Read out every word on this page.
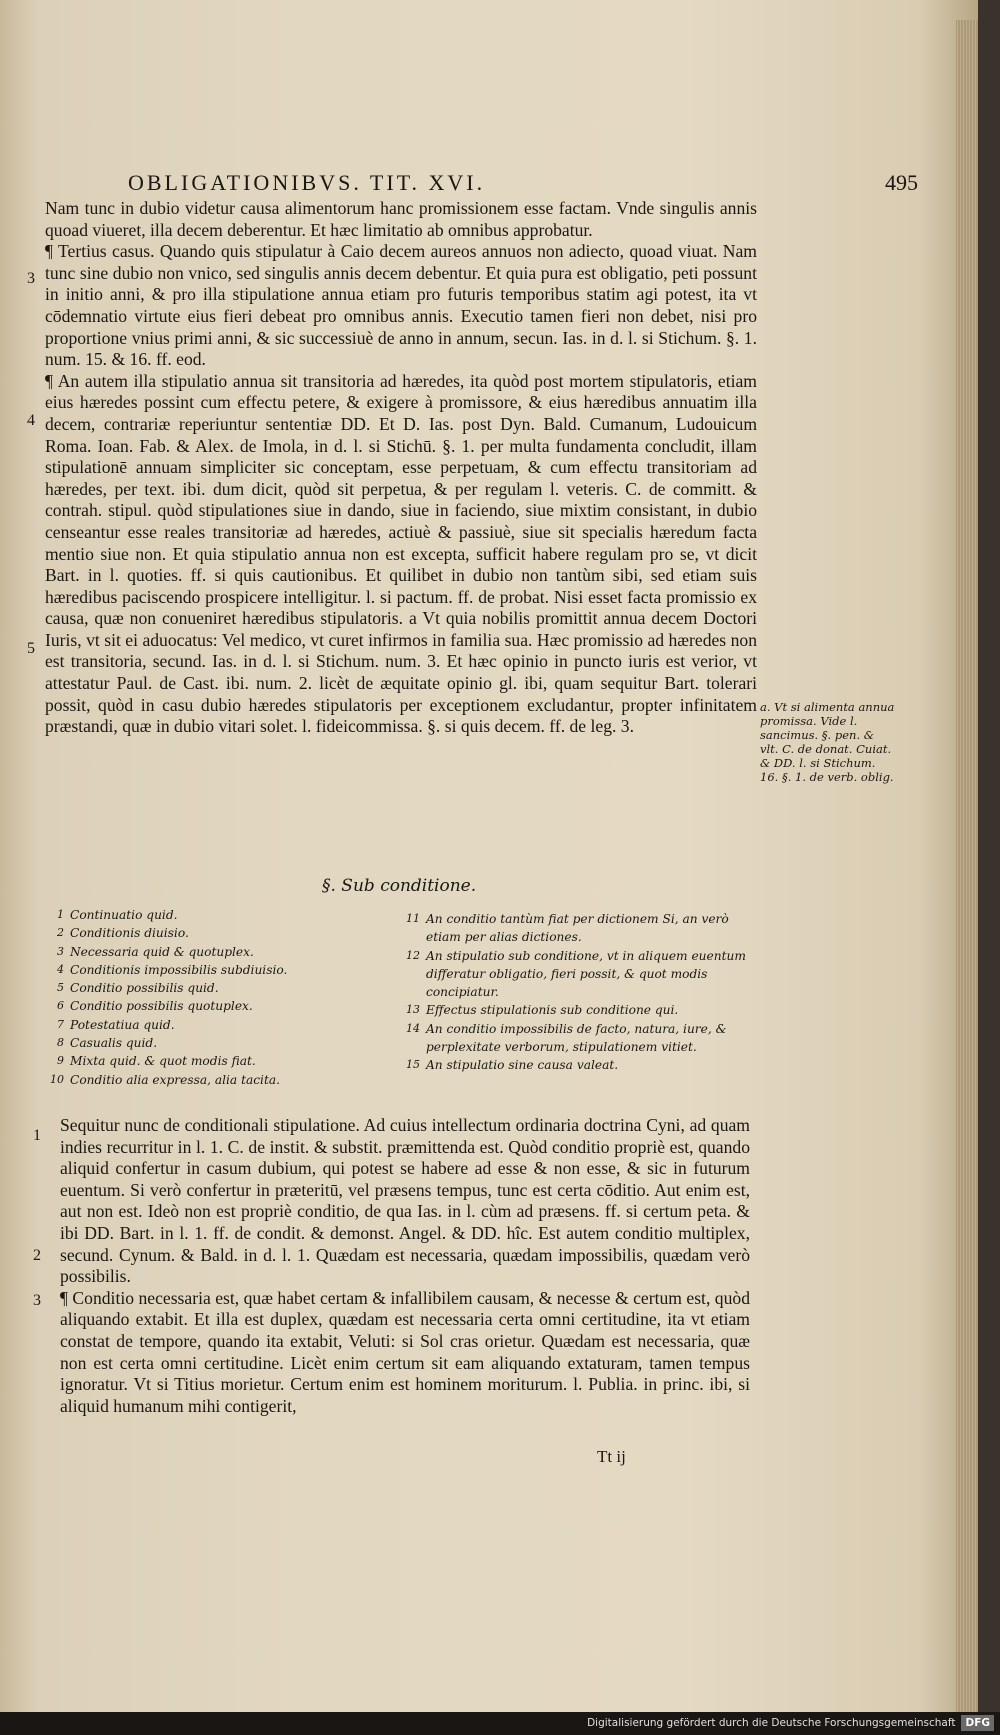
OBLIGATIONIBVS. TIT. XVI.	495
3
4
5

Nam tunc in dubio videtur causa alimentorum hanc promissionem esse factam. Vnde singulis annis quoad viueret, illa decem deberentur. Et hæc limitatio ab omnibus approbatur.

¶ Tertius casus. Quando quis stipulatur à Caio decem aureos annuos non adiecto, quoad viuat. Nam tunc sine dubio non vnico, sed singulis annis decem debentur. Et quia pura est obligatio, peti possunt in initio anni, & pro illa stipulatione annua etiam pro futuris temporibus statim agi potest, ita vt cōdemnatio virtute eius fieri debeat pro omnibus annis. Executio tamen fieri non debet, nisi pro proportione vnius primi anni, & sic successiuè de anno in annum, secun. Ias. in d. l. si Stichum. §. 1. num. 15. & 16. ff. eod.

¶ An autem illa stipulatio annua sit transitoria ad hæredes, ita quòd post mortem stipulatoris, etiam eius hæredes possint cum effectu petere, & exigere à promissore, & eius hæredibus annuatim illa decem, contrariæ reperiuntur sententiæ DD. Et D. Ias. post Dyn. Bald. Cumanum, Ludouicum Roma. Ioan. Fab. & Alex. de Imola, in d. l. si Stichū. §. 1. per multa fundamenta concludit, illam stipulationē annuam simpliciter sic conceptam, esse perpetuam, & cum effectu transitoriam ad hæredes, per text. ibi. dum dicit, quòd sit perpetua, & per regulam l. veteris. C. de committ. & contrah. stipul. quòd stipulationes siue in dando, siue in faciendo, siue mixtim consistant, in dubio censeantur esse reales transitoriæ ad hæredes, actiuè & passiuè, siue sit specialis hæredum facta mentio siue non. Et quia stipulatio annua non est excepta, sufficit habere regulam pro se, vt dicit Bart. in l. quoties. ff. si quis cautionibus. Et quilibet in dubio non tantùm sibi, sed etiam suis hæredibus paciscendo prospicere intelligitur. l. si pactum. ff. de probat. Nisi esset facta promissio ex causa, quæ non conueniret hæredibus stipulatoris. a Vt quia nobilis promittit annua decem Doctori Iuris, vt sit ei aduocatus: Vel medico, vt curet infirmos in familia sua. Hæc promissio ad hæredes non est transitoria, secund. Ias. in d. l. si Stichum. num. 3. Et hæc opinio in puncto iuris est verior, vt attestatur Paul. de Cast. ibi. num. 2. licèt de æquitate opinio gl. ibi, quam sequitur Bart. tolerari possit, quòd in casu dubio hæredes stipulatoris per exceptionem excludantur, propter infinitatem præstandi, quæ in dubio vitari solet. l. fideicommissa. §. si quis decem. ff. de leg. 3.

a. Vt si alimenta annua promissa. Vide l. sancimus. §. pen. & vlt. C. de donat. Cuiat. & DD. l. si Stichum. 16. §. 1. de verb. oblig.
§. Sub conditione.
1 Continuatio quid.
2 Conditionis diuisio.
3 Necessaria quid & quotuplex.
4 Conditionis impossibilis subdiuisio.
5 Conditio possibilis quid.
6 Conditio possibilis quotuplex.
7 Potestatiua quid.
8 Casualis quid.
9 Mixta quid. & quot modis fiat.
10 Conditio alia expressa, alia tacita.
11 An conditio tantùm fiat per dictionem Si, an verò etiam per alias dictiones.
12 An stipulatio sub conditione, vt in aliquem euentum differatur obligatio, fieri possit, & quot modis concipiatur.
13 Effectus stipulationis sub conditione qui.
14 An conditio impossibilis de facto, natura, iure, & perplexitate verborum, stipulationem vitiet.
15 An stipulatio sine causa valeat.
1
2
3

Sequitur nunc de conditionali stipulatione. Ad cuius intellectum ordinaria doctrina Cyni, ad quam indies recurritur in l. 1. C. de instit. & substit. præmittenda est. Quòd conditio propriè est, quando aliquid confertur in casum dubium, qui potest se habere ad esse & non esse, & sic in futurum euentum. Si verò confertur in præteritū, vel præsens tempus, tunc est certa cōditio. Aut enim est, aut non est. Ideò non est propriè conditio, de qua Ias. in l. cùm ad præsens. ff. si certum peta. & ibi DD. Bart. in l. 1. ff. de condit. & demonst. Angel. & DD. hîc. Est autem conditio multiplex, secund. Cynum. & Bald. in d. l. 1. Quædam est necessaria, quædam impossibilis, quædam verò possibilis.

¶ Conditio necessaria est, quæ habet certam & infallibilem causam, & necesse & certum est, quòd aliquando extabit. Et illa est duplex, quædam est necessaria certa omni certitudine, ita vt etiam constat de tempore, quando ita extabit, Veluti: si Sol cras orietur. Quædam est necessaria, quæ non est certa omni certitudine. Licèt enim certum sit eam aliquando extaturam, tamen tempus ignoratur. Vt si Titius morietur. Certum enim est hominem moriturum. l. Publia. in princ. ibi, si aliquid humanum mihi contigerit,

Tt ij
Digitalisierung gefördert durch die Deutsche Forschungsgemeinschaft DFG
